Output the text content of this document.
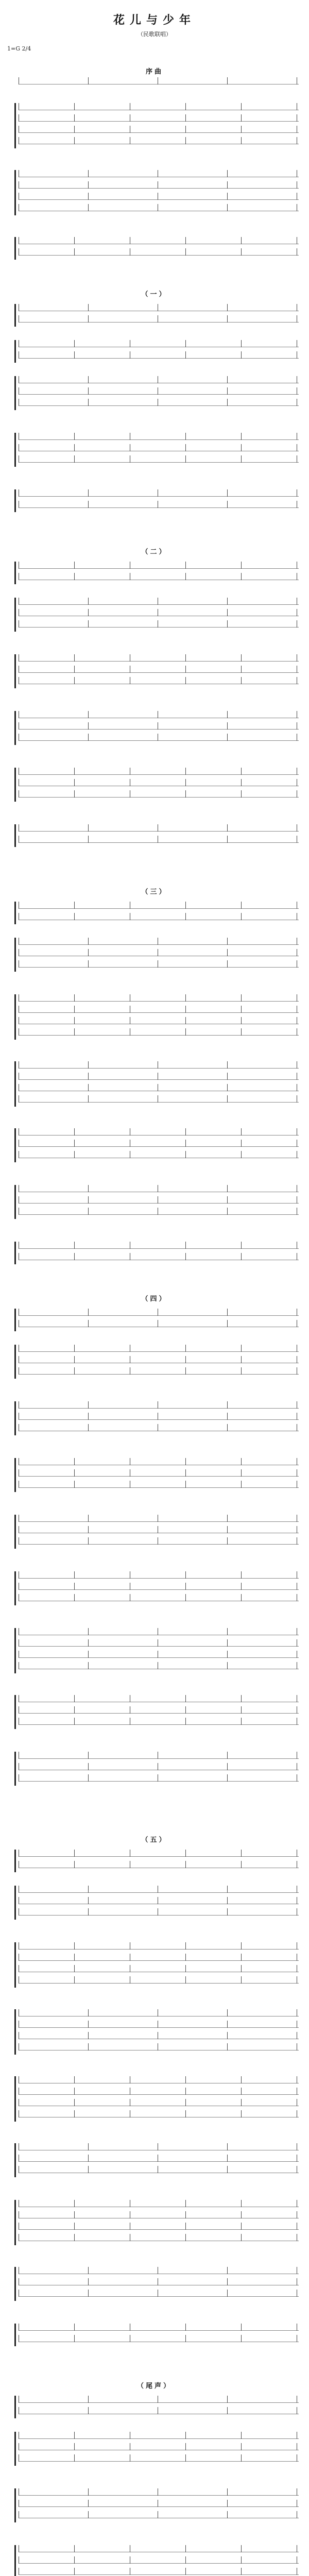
花儿与少年
（民歌联唱）
1=G 2/4
序曲
（一）
（二）
（三）
（四）
（五）
（尾声）
